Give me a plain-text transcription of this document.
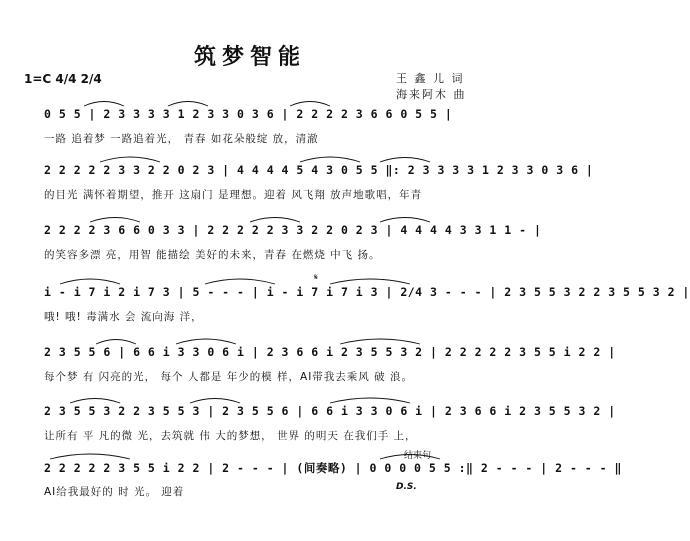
筑梦智能
1=C 4/4 2/4	王 鑫 儿 词
海来阿木 曲
0 5 5 | 2 3 3 3 3 1 2 3 3 0 3 6 | 2 2 2 2 3 6 6 0 5 5 |
一路 追着梦 一路追着光， 青春 如花朵般绽 放，清澈
2 2 2 2 2 3 3 2 2 0 2 3 | 4 4 4 4 5 4 3 0 5 5 ‖: 2 3 3 3 3 1 2 3 3 0 3 6 |
的目光 满怀着期望，推开 这扇门 是理想。迎着 风飞翔 放声地歌唱，年青
2 2 2 2 3 6 6 0 3 3 | 2 2 2 2 2 3 3 2 2 0 2 3 | 4 4 4 4 3 3 1 1 - |
的笑容多漂 亮，用智 能描绘 美好的未来，青春 在燃烧 中飞 扬。
𝄋
i - i 7 i 2 i 7 3 | 5 - - - | i - i 7 i 7 i 3 | 2/4 3 - - - | 2 3 5 5 3 2 2 3 5 5 3 2 |
哦! 哦! 毒满水 会 流向海 洋，
2 3 5 5 6 | 6 6 i 3 3 0 6 i | 2 3 6 6 i 2 3 5 5 3 2 | 2 2 2 2 2 3 5 5 i 2 2 |
每个梦 有 闪亮的光， 每个 人都是 年少的模 样，AI带我去乘风 破 浪。
2 3 5 5 3 2 2 3 5 5 3 | 2 3 5 5 6 | 6 6 i 3 3 0 6 i | 2 3 6 6 i 2 3 5 5 3 2 |
让所有 平 凡的微 光，去筑就 伟 大的梦想， 世界 的明天 在我们手 上，
结束句
2 2 2 2 2 3 5 5 i 2 2 | 2 - - - | (间奏略) | 0 0 0 0 5 5 :‖ 2 - - - | 2 - - - ‖
AI给我最好的 时 光。 迎着	D.S.
